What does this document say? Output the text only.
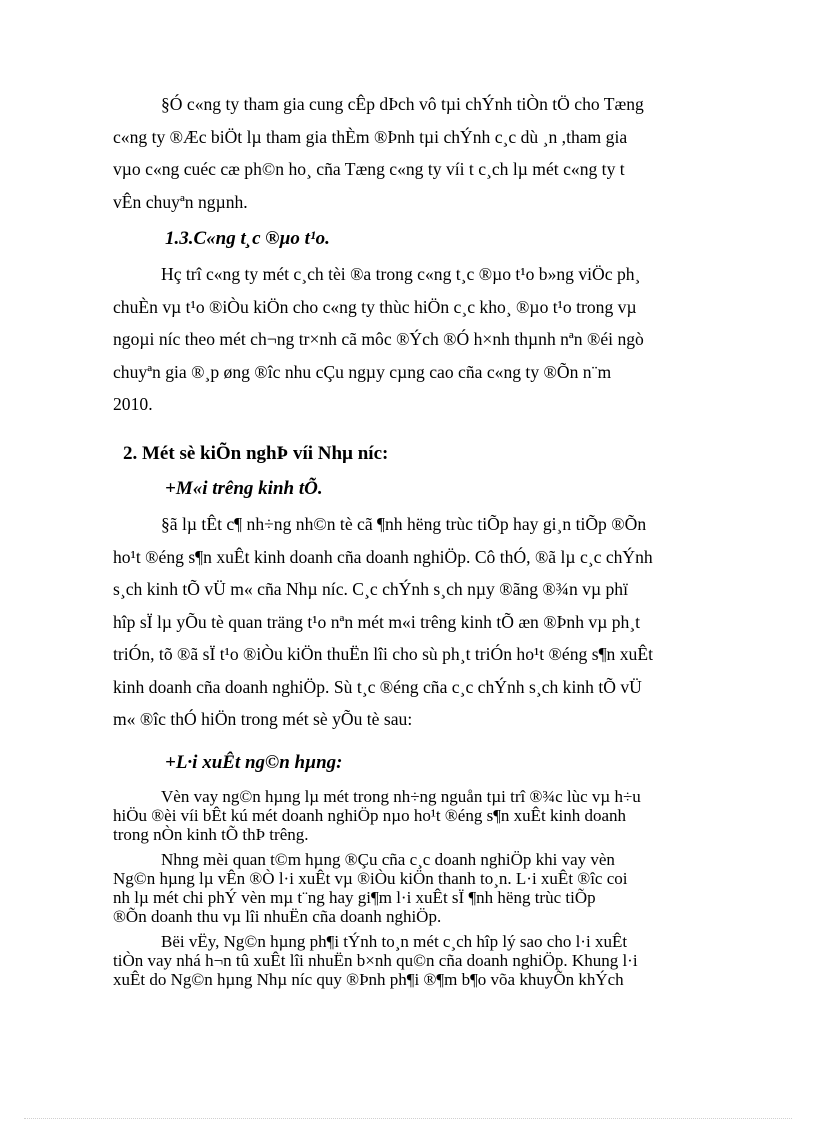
§Ó c«ng ty tham gia cung cÊp dÞch vô tµi chÝnh tiÒn tÖ cho Tæng
c«ng ty ®Æc biÖt lµ tham gia thÈm ®Þnh tµi chÝnh c¸c dù ¸n ,tham gia
vµo c«ng cuéc cæ ph©n ho¸ cña Tæng c«ng ty víi t c¸ch lµ mét c«ng ty t
vÊn chuyªn ngµnh.
1.3.C«ng t¸c ®µo t¹o.
Hç trî c«ng ty mét c¸ch tèi ®a trong c«ng t¸c ®µo t¹o b»ng viÖc ph¸
chuÈn vµ t¹o ®iÒu kiÖn cho c«ng ty thùc hiÖn c¸c kho¸ ®µo t¹o trong vµ
ngoµi níc theo mét ch¬ng tr×nh cã môc ®Ých ®Ó h×nh thµnh nªn ®éi ngò
chuyªn gia ®¸p øng ®îc nhu cÇu ngµy cµng cao cña c«ng ty ®Õn n¨m
2010.
2. Mét sè kiÕn nghÞ víi Nhµ níc:
+M«i trêng kinh tÕ.
§ã lµ tÊt c¶ nh÷ng nh©n tè cã ¶nh hëng trùc tiÕp hay gi¸n tiÕp ®Õn
ho¹t ®éng s¶n xuÊt kinh doanh cña doanh nghiÖp. Cô thÓ, ®ã lµ c¸c chÝnh
s¸ch kinh tÕ vÜ m« cña Nhµ níc. C¸c chÝnh s¸ch nµy ®ãng ®¾n vµ phï
hîp sÏ lµ yÕu tè quan träng t¹o nªn mét m«i trêng kinh tÕ æn ®Þnh vµ ph¸t
triÓn, tõ ®ã sÏ t¹o ®iÒu kiÖn thuËn lîi cho sù ph¸t triÓn ho¹t ®éng s¶n xuÊt
kinh doanh cña doanh nghiÖp. Sù t¸c ®éng cña c¸c chÝnh s¸ch kinh tÕ vÜ
m« ®îc thÓ hiÖn trong mét sè yÕu tè sau:
+L·i xuÊt ng©n hµng:
Vèn vay ng©n hµng lµ mét trong nh÷ng nguån tµi trî ®¾c lùc vµ h÷u
hiÖu ®èi víi bÊt kú mét doanh nghiÖp nµo ho¹t ®éng s¶n xuÊt kinh doanh
trong nÒn kinh tÕ thÞ trêng.
Nhng mèi quan t©m hµng ®Çu cña c¸c doanh nghiÖp khi vay vèn
Ng©n hµng lµ vÊn ®Ò l·i xuÊt vµ ®iÒu kiÖn thanh to¸n. L·i xuÊt ®îc coi
nh lµ mét chi phÝ vèn mµ t¨ng hay gi¶m l·i xuÊt sÏ ¶nh hëng trùc tiÕp
®Õn doanh thu vµ lîi nhuËn cña doanh nghiÖp.
Bëi vËy, Ng©n hµng ph¶i tÝnh to¸n mét c¸ch hîp lý sao cho l·i xuÊt
tiÒn vay nhá h¬n tû xuÊt lîi nhuËn b×nh qu©n cña doanh nghiÖp. Khung l·i
xuÊt do Ng©n hµng Nhµ níc quy ®Þnh ph¶i ®¶m b¶o võa khuyÕn khÝch
